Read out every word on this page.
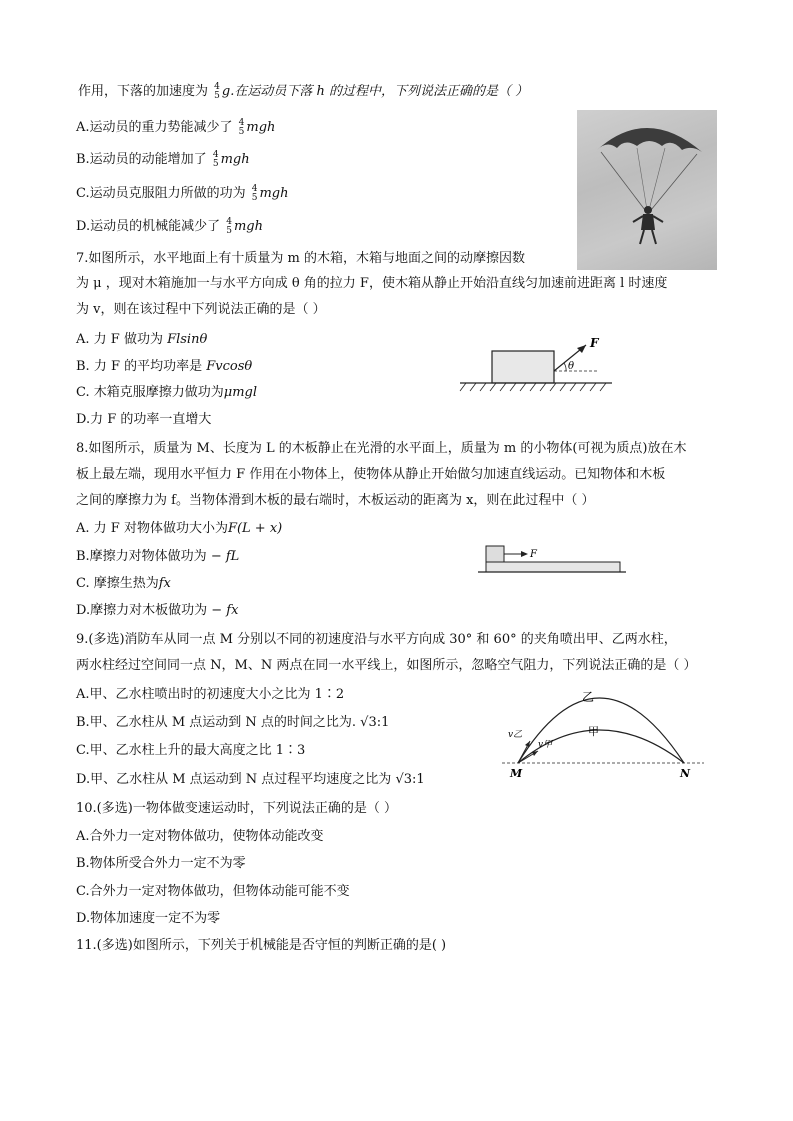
作用，下落的加速度为 4
5 g.在运动员下落 h 的过程中，下列说法正确的是（ ）
A.运动员的重力势能减少了 4
5 mgh
B.运动员的动能增加了 4
5 mgh
C.运动员克服阻力所做的功为 4
5 mgh
D.运动员的机械能减少了 4
5 mgh
7.如图所示，水平地面上有十质量为 m 的木箱，木箱与地面之间的动摩擦因数
为 μ ，现对木箱施加一与水平方向成 θ 角的拉力 F，使木箱从静止开始沿直线匀加速前进距离 l 时速度
为 v，则在该过程中下列说法正确的是（ ）
A. 力 F 做功为 Flsinθ
B. 力 F 的平均功率是 Fvcosθ
C. 木箱克服摩擦力做功为μmgl
D.力 F 的功率一直增大
F
θ
8.如图所示，质量为 M、长度为 L 的木板静止在光滑的水平面上，质量为 m 的小物体(可视为质点)放在木
板上最左端，现用水平恒力 F 作用在小物体上，使物体从静止开始做匀加速直线运动。已知物体和木板
之间的摩擦力为 f。当物体滑到木板的最右端时，木板运动的距离为 x，则在此过程中（ ）
A. 力 F 对物体做功大小为F(L + x)
B.摩擦力对物体做功为 − fL
C. 摩擦生热为fx
D.摩擦力对木板做功为 − fx
F
9.(多选)消防车从同一点 M 分别以不同的初速度沿与水平方向成 30° 和 60° 的夹角喷出甲、乙两水柱，
两水柱经过空间同一点 N，M、N 两点在同一水平线上，如图所示，忽略空气阻力，下列说法正确的是（ ）
A.甲、乙水柱喷出时的初速度大小之比为 1∶2
B.甲、乙水柱从 M 点运动到 N 点的时间之比为. √3:1
C.甲、乙水柱上升的最大高度之比 1∶3
D.甲、乙水柱从 M 点运动到 N 点过程平均速度之比为 √3:1
乙
甲
v乙
v甲
M	N
10.(多选)一物体做变速运动时，下列说法正确的是（ ）
A.合外力一定对物体做功，使物体动能改变
B.物体所受合外力一定不为零
C.合外力一定对物体做功，但物体动能可能不变
D.物体加速度一定不为零
11.(多选)如图所示，下列关于机械能是否守恒的判断正确的是( )
